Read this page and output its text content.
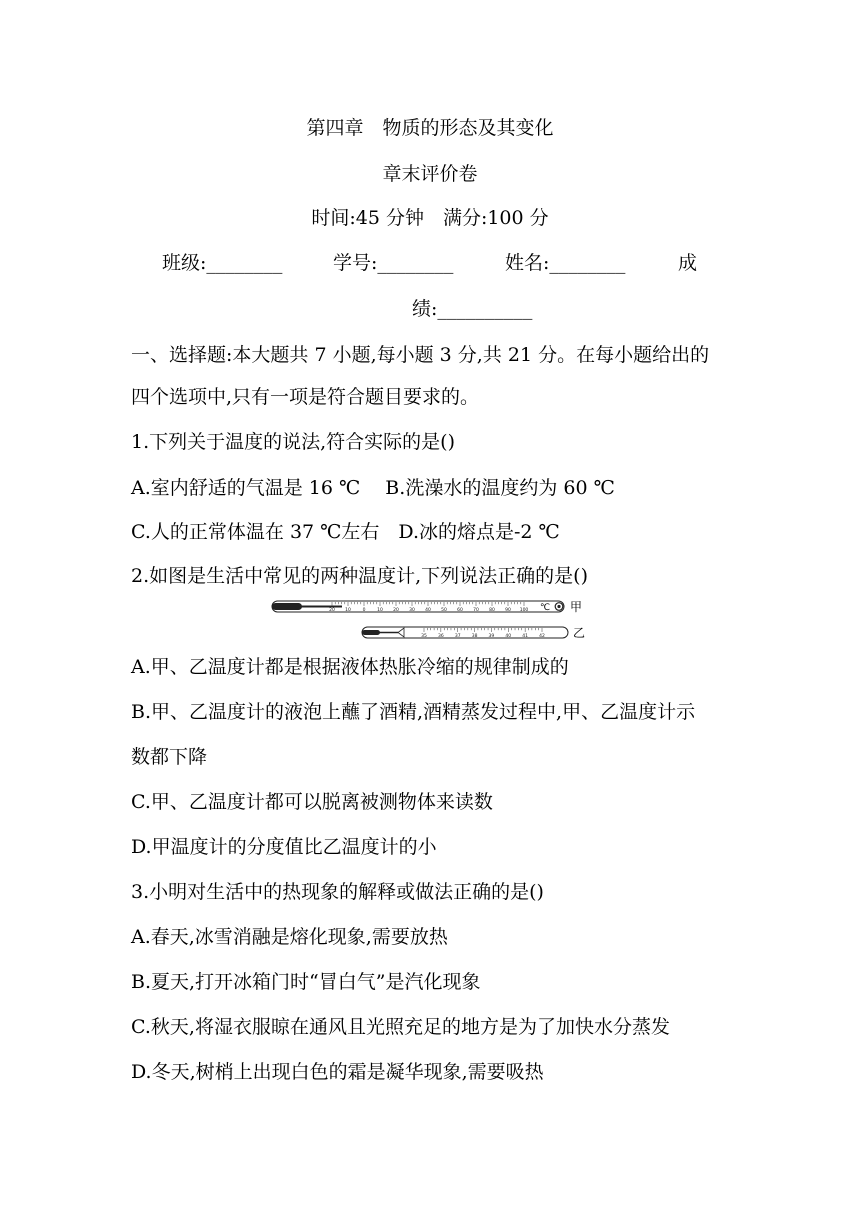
第四章　物质的形态及其变化
章末评价卷
时间:45 分钟　满分:100 分
班级:________	学号:________	姓名:________	成
绩:__________
一、选择题:本大题共 7 小题,每小题 3 分,共 21 分。在每小题给出的
四个选项中,只有一项是符合题目要求的。
1.下列关于温度的说法,符合实际的是()
A.室内舒适的气温是 16 ℃　 B.洗澡水的温度约为 60 ℃
C.人的正常体温在 37 ℃左右　D.冰的熔点是-2 ℃
2.如图是生活中常见的两种温度计,下列说法正确的是()
20 10	0	10 20 30 40 50 60 70 80 90 100 ℃ 甲
35 36 37 38 39 40 41 42 乙
A.甲、乙温度计都是根据液体热胀冷缩的规律制成的
B.甲、乙温度计的液泡上蘸了酒精,酒精蒸发过程中,甲、乙温度计示
数都下降
C.甲、乙温度计都可以脱离被测物体来读数
D.甲温度计的分度值比乙温度计的小
3.小明对生活中的热现象的解释或做法正确的是()
A.春天,冰雪消融是熔化现象,需要放热
B.夏天,打开冰箱门时“冒白气”是汽化现象
C.秋天,将湿衣服晾在通风且光照充足的地方是为了加快水分蒸发
D.冬天,树梢上出现白色的霜是凝华现象,需要吸热
